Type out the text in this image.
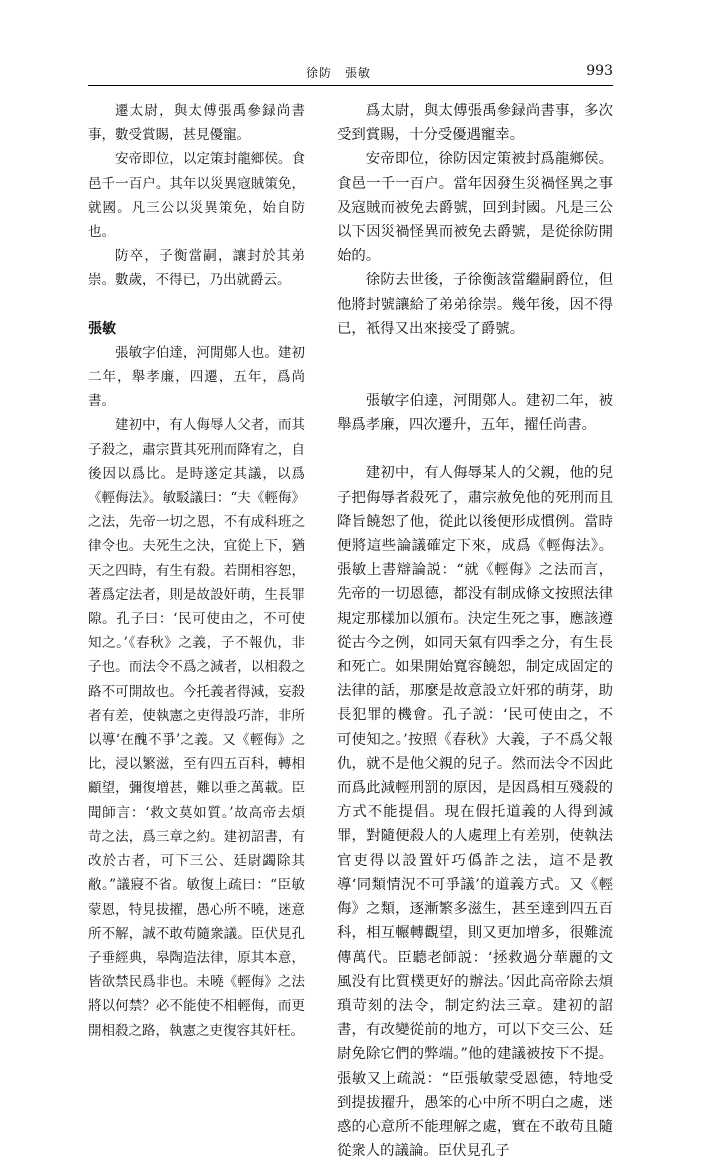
徐防　張敏	993

遷太尉，與太傅張禹參録尚書事，數受賞賜，甚見優寵。

安帝即位，以定策封龍鄉侯。食邑千一百户。其年以災異寇賊策免，就國。凡三公以災異策免，始自防也。

防卒，子衡當嗣，讓封於其弟崇。數歲，不得已，乃出就爵云。

張敏

張敏字伯達，河閒鄚人也。建初二年，舉孝廉，四遷，五年，爲尚書。

建初中，有人侮辱人父者，而其子殺之，肅宗貰其死刑而降宥之，自後因以爲比。是時遂定其議，以爲《輕侮法》。敏駁議曰：“夫《輕侮》之法，先帝一切之恩，不有成科班之律令也。夫死生之決，宜從上下，猶天之四時，有生有殺。若開相容恕，著爲定法者，則是故設奸萌，生長罪隙。孔子曰：‘民可使由之，不可使知之。’《春秋》之義，子不報仇，非子也。而法令不爲之減者，以相殺之路不可開故也。今托義者得減，妄殺者有差，使執憲之吏得設巧詐，非所以導‘在醜不爭’之義。又《輕侮》之比，浸以繁滋，至有四五百科，轉相顧望，彌復增甚，難以垂之萬載。臣聞師言：‘救文莫如質。’故高帝去煩苛之法，爲三章之約。建初詔書，有改於古者，可下三公、廷尉蠲除其敝。”議寢不省。敏復上疏曰：“臣敏蒙恩，特見拔擢，愚心所不曉，迷意所不解，誠不敢苟隨衆議。臣伏見孔子垂經典，皋陶造法律，原其本意，皆欲禁民爲非也。未曉《輕侮》之法將以何禁？必不能使不相輕侮，而更開相殺之路，執憲之吏復容其奸枉。

爲太尉，與太傅張禹參録尚書事，多次受到賞賜，十分受優遇寵幸。

安帝即位，徐防因定策被封爲龍鄉侯。食邑一千一百户。當年因發生災禍怪異之事及寇賊而被免去爵號，回到封國。凡是三公以下因災禍怪異而被免去爵號，是從徐防開始的。

徐防去世後，子徐衡該當繼嗣爵位，但他將封號讓給了弟弟徐崇。幾年後，因不得已，衹得又出來接受了爵號。

張敏字伯達，河閒鄚人。建初二年，被舉爲孝廉，四次遷升，五年，擢任尚書。

建初中，有人侮辱某人的父親，他的兒子把侮辱者殺死了，肅宗赦免他的死刑而且降旨饒恕了他，從此以後便形成慣例。當時便將這些論議確定下來，成爲《輕侮法》。張敏上書辯論説：“就《輕侮》之法而言，先帝的一切恩德，都没有制成條文按照法律規定那樣加以頒布。決定生死之事，應該遵從古今之例，如同天氣有四季之分，有生長和死亡。如果開始寬容饒恕，制定成固定的法律的話，那麼是故意設立奸邪的萌芽，助長犯罪的機會。孔子説：‘民可使由之，不可使知之。’按照《春秋》大義，子不爲父報仇，就不是他父親的兒子。然而法令不因此而爲此減輕刑罰的原因，是因爲相互殘殺的方式不能提倡。現在假托道義的人得到減罪，對隨便殺人的人處理上有差别，使執法官吏得以設置奸巧僞詐之法，這不是教導‘同類情況不可爭議’的道義方式。又《輕侮》之類，逐漸繁多滋生，甚至達到四五百科，相互輾轉觀望，則又更加增多，很難流傳萬代。臣聽老師説：‘拯救過分華麗的文風没有比質樸更好的辦法。’因此高帝除去煩瑣苛刻的法令，制定約法三章。建初的詔書，有改變從前的地方，可以下交三公、廷尉免除它們的弊端。”他的建議被按下不提。張敏又上疏説：“臣張敏蒙受恩德，特地受到提拔擢升，愚笨的心中所不明白之處，迷惑的心意所不能理解之處，實在不敢苟且隨從衆人的議論。臣伏見孔子
